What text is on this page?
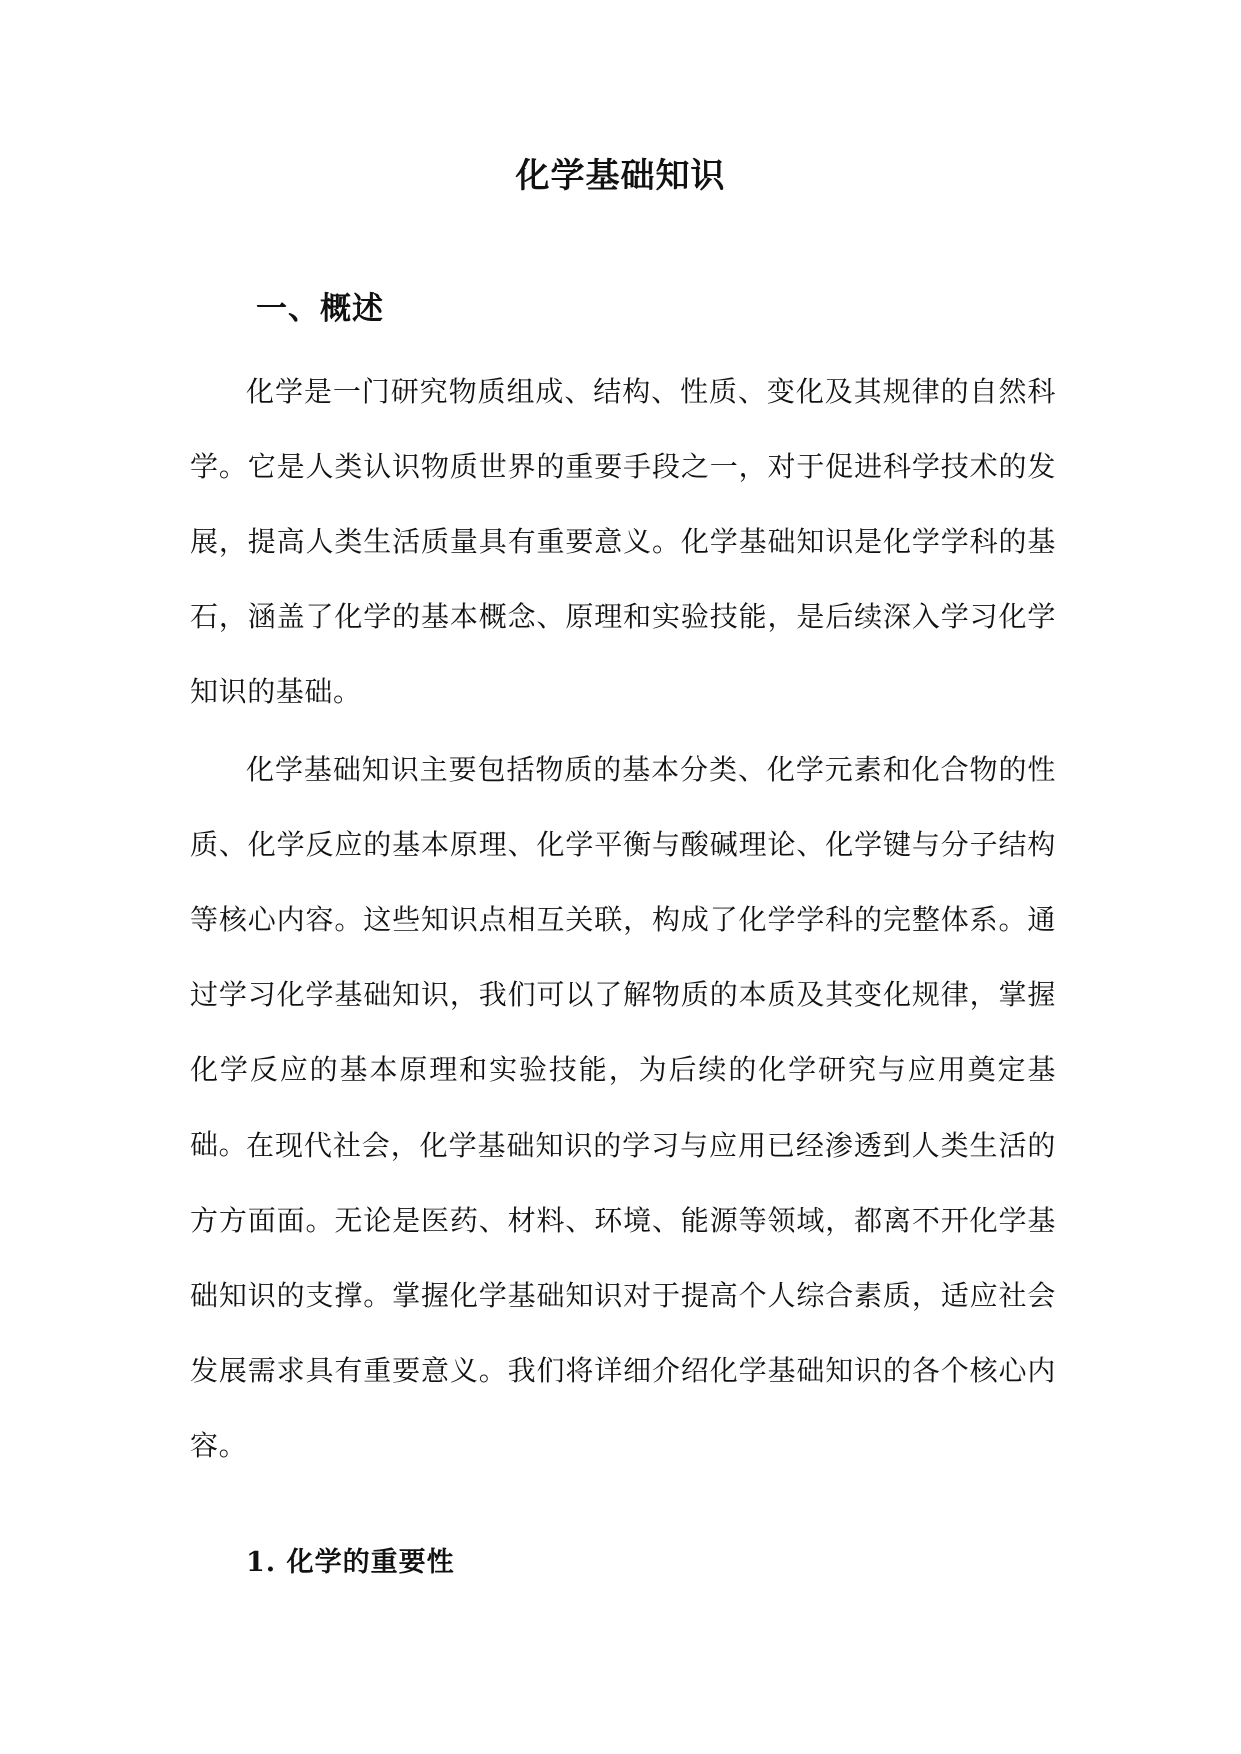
化学基础知识
一、概述

化学是一门研究物质组成、结构、性质、变化及其规律的自然科学。它是人类认识物质世界的重要手段之一，对于促进科学技术的发展，提高人类生活质量具有重要意义。化学基础知识是化学学科的基石，涵盖了化学的基本概念、原理和实验技能，是后续深入学习化学知识的基础。

化学基础知识主要包括物质的基本分类、化学元素和化合物的性质、化学反应的基本原理、化学平衡与酸碱理论、化学键与分子结构等核心内容。这些知识点相互关联，构成了化学学科的完整体系。通过学习化学基础知识，我们可以了解物质的本质及其变化规律，掌握化学反应的基本原理和实验技能，为后续的化学研究与应用奠定基础。

在现代社会，化学基础知识的学习与应用已经渗透到人类生活的方方面面。无论是医药、材料、环境、能源等领域，都离不开化学基础知识的支撑。掌握化学基础知识对于提高个人综合素质，适应社会发展需求具有重要意义。我们将详细介绍化学基础知识的各个核心内容。

1. 化学的重要性
